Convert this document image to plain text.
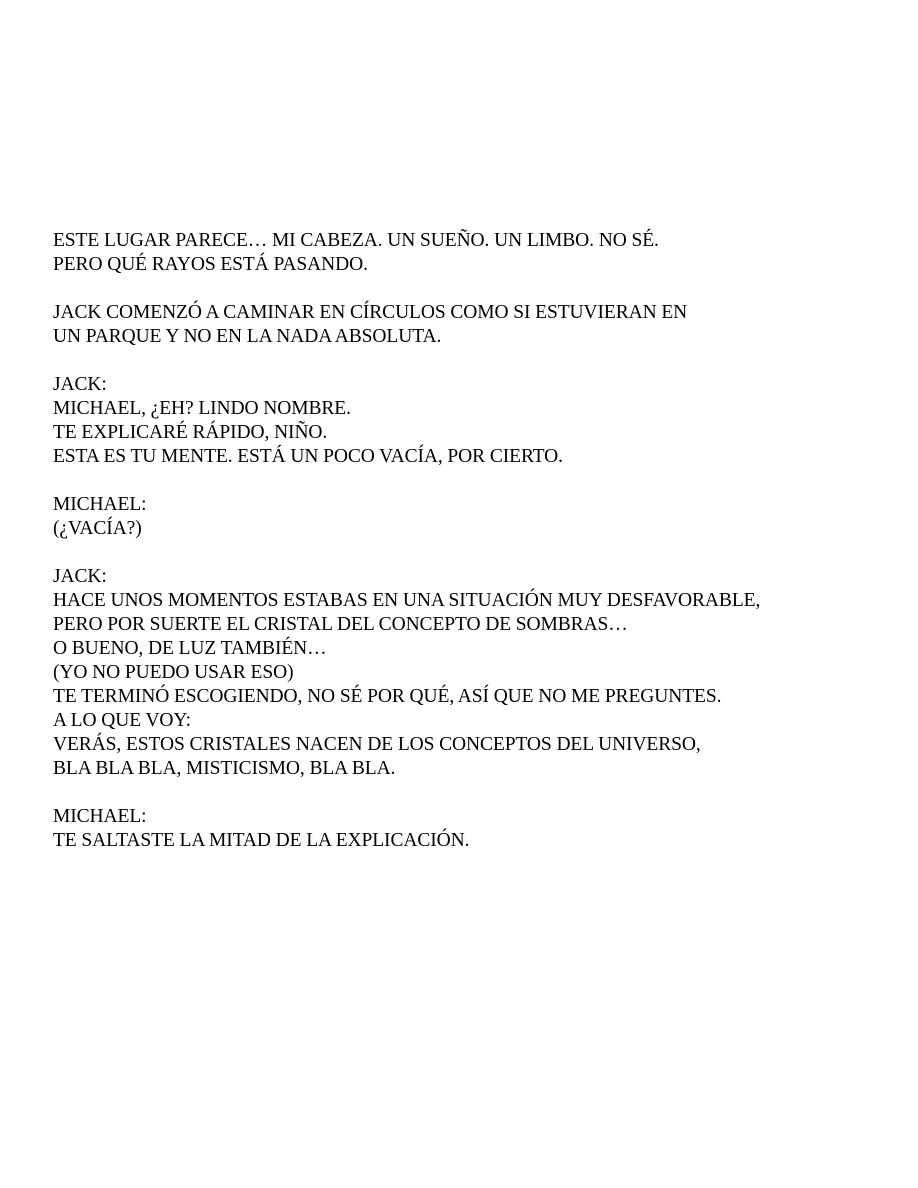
ESTE LUGAR PARECE… MI CABEZA. UN SUEÑO. UN LIMBO. NO SÉ.
PERO QUÉ RAYOS ESTÁ PASANDO.
JACK COMENZÓ A CAMINAR EN CÍRCULOS COMO SI ESTUVIERAN EN
UN PARQUE Y NO EN LA NADA ABSOLUTA.
JACK:
MICHAEL, ¿EH? LINDO NOMBRE.
TE EXPLICARÉ RÁPIDO, NIÑO.
ESTA ES TU MENTE. ESTÁ UN POCO VACÍA, POR CIERTO.
MICHAEL:
(¿VACÍA?)
JACK:
HACE UNOS MOMENTOS ESTABAS EN UNA SITUACIÓN MUY DESFAVORABLE,
PERO POR SUERTE EL CRISTAL DEL CONCEPTO DE SOMBRAS…
O BUENO, DE LUZ TAMBIÉN…
(YO NO PUEDO USAR ESO)
TE TERMINÓ ESCOGIENDO, NO SÉ POR QUÉ, ASÍ QUE NO ME PREGUNTES.
A LO QUE VOY:
VERÁS, ESTOS CRISTALES NACEN DE LOS CONCEPTOS DEL UNIVERSO,
BLA BLA BLA, MISTICISMO, BLA BLA.
MICHAEL:
TE SALTASTE LA MITAD DE LA EXPLICACIÓN.
